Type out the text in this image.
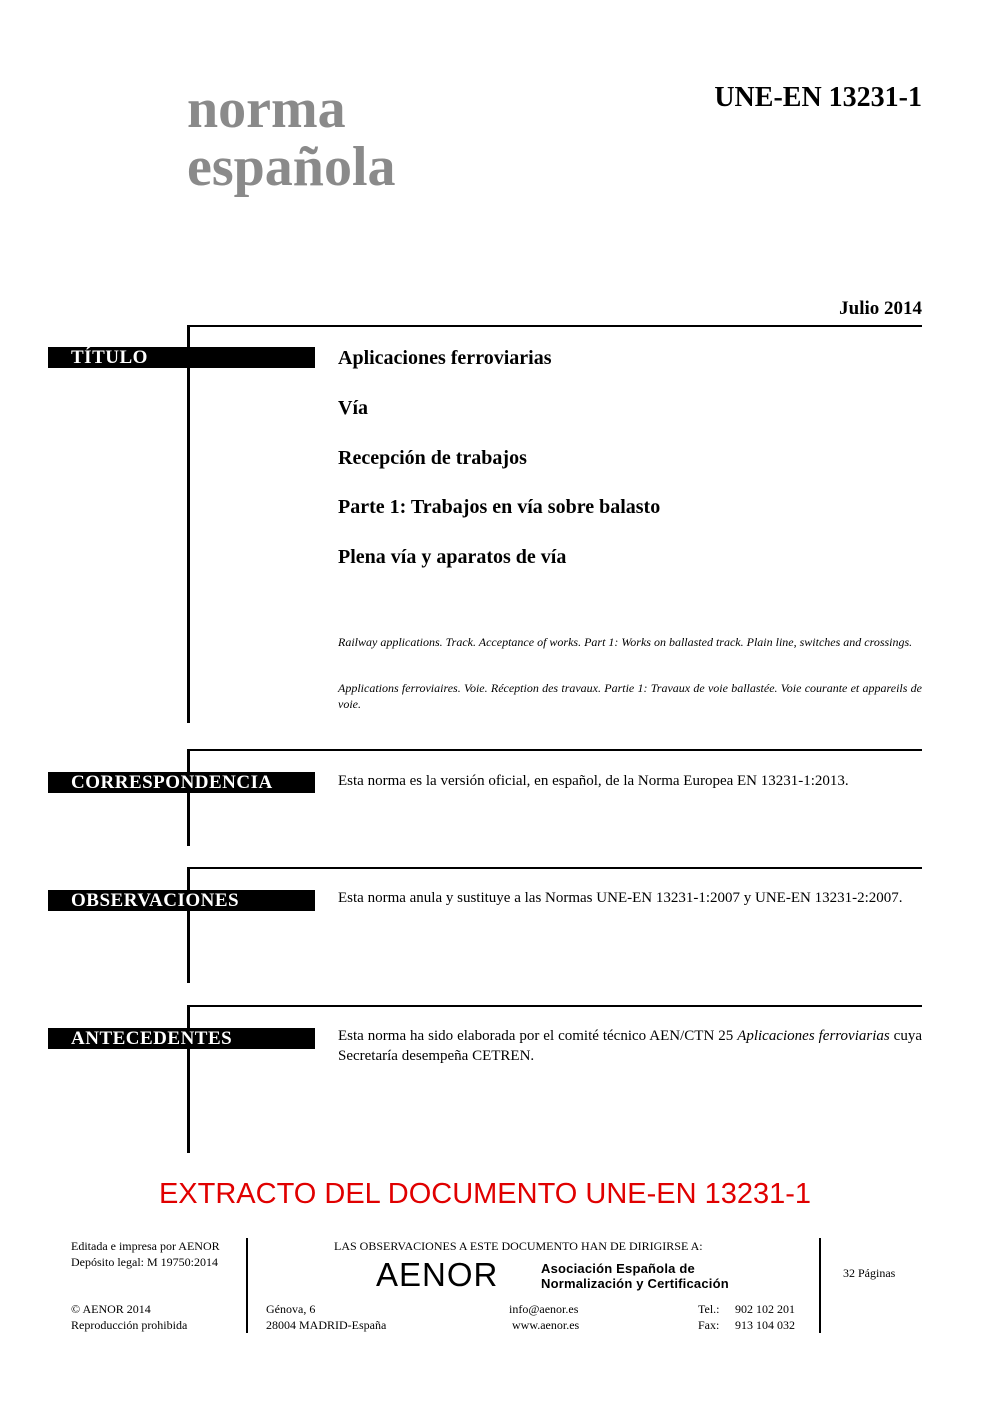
norma
española
UNE-EN 13231-1
Julio 2014
TÍTULO	Aplicaciones ferroviarias
Vía
Recepción de trabajos
Parte 1: Trabajos en vía sobre balasto
Plena vía y aparatos de vía
Railway applications. Track. Acceptance of works. Part 1: Works on ballasted track. Plain line, switches and crossings.
Applications ferroviaires. Voie. Réception des travaux. Partie 1: Travaux de voie ballastée. Voie courante et appareils de voie.
CORRESPONDENCIA	Esta norma es la versión oficial, en español, de la Norma Europea EN 13231-1:2013.
OBSERVACIONES	Esta norma anula y sustituye a las Normas UNE-EN 13231-1:2007 y UNE-EN 13231-2:2007.
ANTECEDENTES	Esta norma ha sido elaborada por el comité técnico AEN/CTN 25 Aplicaciones ferroviarias cuya Secretaría desempeña CETREN.
EXTRACTO DEL DOCUMENTO UNE-EN 13231-1
Editada e impresa por AENOR
Depósito legal: M 19750:2014
© AENOR 2014
Reproducción prohibida
LAS OBSERVACIONES A ESTE DOCUMENTO HAN DE DIRIGIRSE A:
AENOR	Asociación Española de
Normalización y Certificación
Génova, 6
28004 MADRID-España
info@aenor.es
www.aenor.es
Tel.: 902 102 201
Fax: 913 104 032
32 Páginas
